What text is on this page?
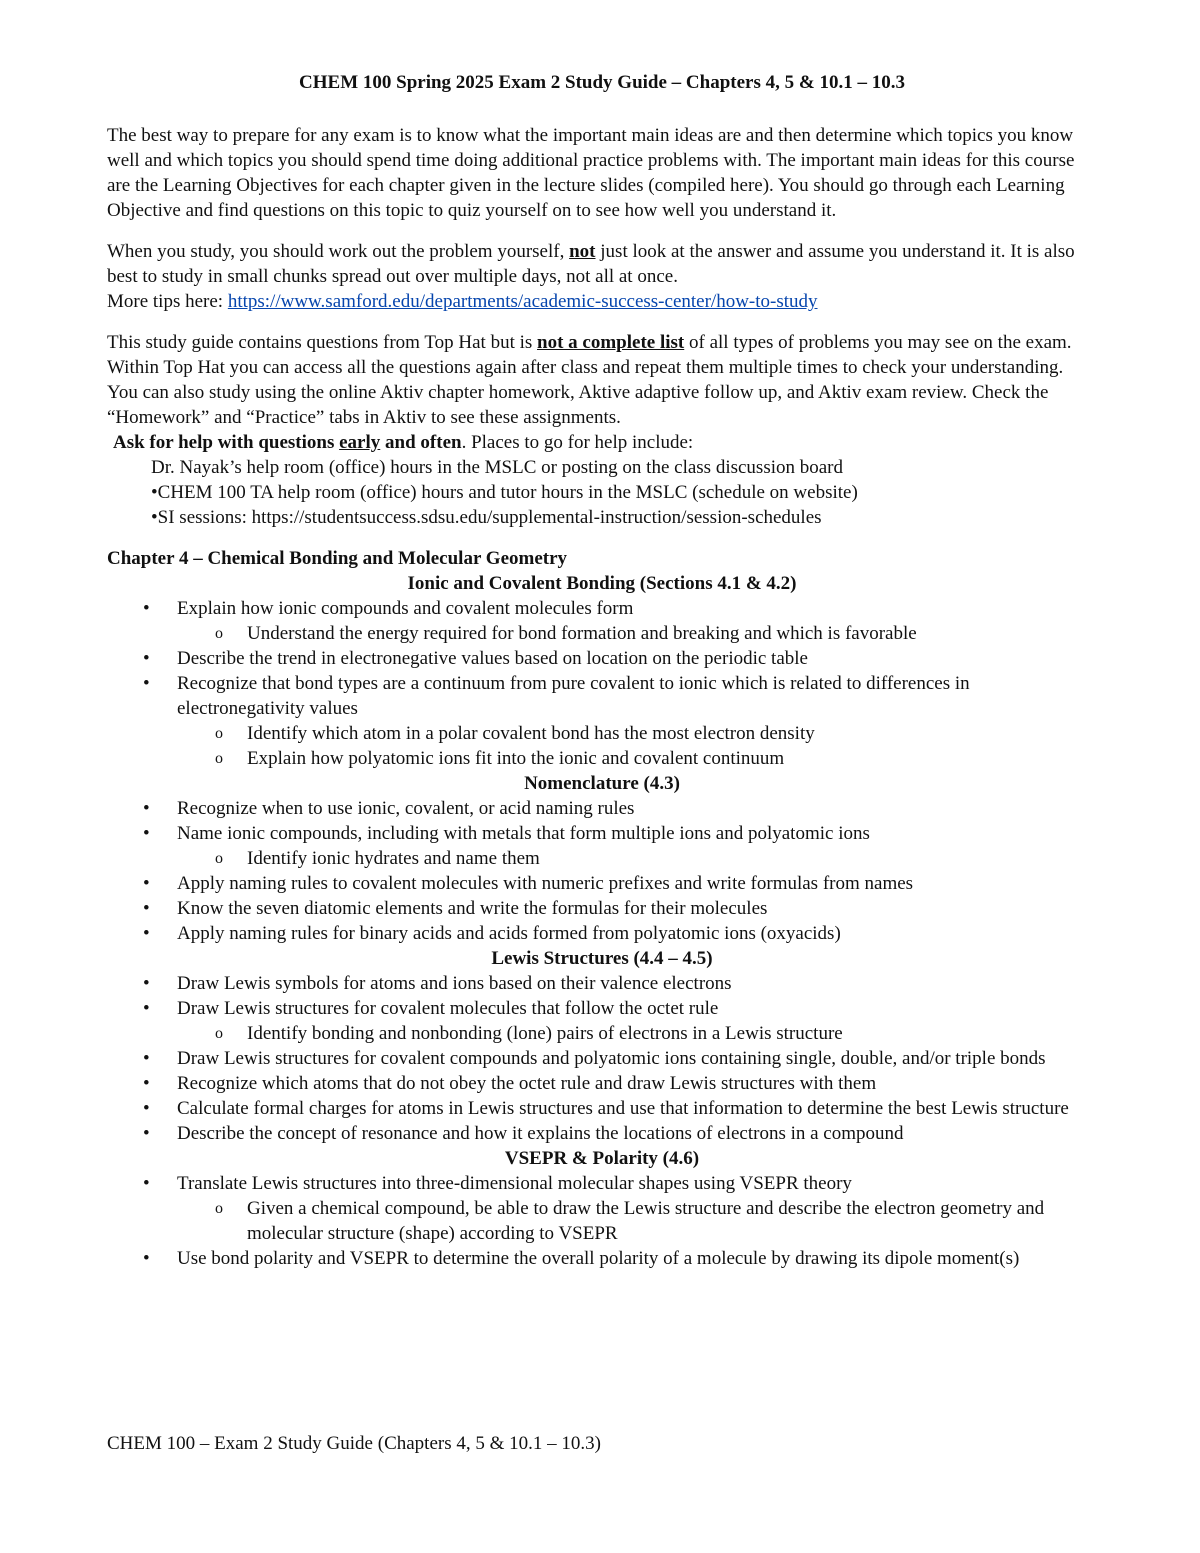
CHEM 100 Spring 2025 Exam 2 Study Guide – Chapters 4, 5 & 10.1 – 10.3

The best way to prepare for any exam is to know what the important main ideas are and then determine which topics you know well and which topics you should spend time doing additional practice problems with. The important main ideas for this course are the Learning Objectives for each chapter given in the lecture slides (compiled here). You should go through each Learning Objective and find questions on this topic to quiz yourself on to see how well you understand it.

When you study, you should work out the problem yourself, not just look at the answer and assume you understand it. It is also best to study in small chunks spread out over multiple days, not all at once.
More tips here: https://www.samford.edu/departments/academic-success-center/how-to-study

This study guide contains questions from Top Hat but is not a complete list of all types of problems you may see on the exam. Within Top Hat you can access all the questions again after class and repeat them multiple times to check your understanding. You can also study using the online Aktiv chapter homework, Aktive adaptive follow up, and Aktiv exam review. Check the “Homework” and “Practice” tabs in Aktiv to see these assignments.

Ask for help with questions early and often. Places to go for help include:
Dr. Nayak’s help room (office) hours in the MSLC or posting on the class discussion board
•CHEM 100 TA help room (office) hours and tutor hours in the MSLC (schedule on website)
•SI sessions: https://studentsuccess.sdsu.edu/supplemental-instruction/session-schedules
Chapter 4 – Chemical Bonding and Molecular Geometry
Ionic and Covalent Bonding (Sections 4.1 & 4.2)
• Explain how ionic compounds and covalent molecules form
o Understand the energy required for bond formation and breaking and which is favorable
• Describe the trend in electronegative values based on location on the periodic table
• Recognize that bond types are a continuum from pure covalent to ionic which is related to differences in electronegativity values
o Identify which atom in a polar covalent bond has the most electron density
o Explain how polyatomic ions fit into the ionic and covalent continuum
Nomenclature (4.3)
• Recognize when to use ionic, covalent, or acid naming rules
• Name ionic compounds, including with metals that form multiple ions and polyatomic ions
o Identify ionic hydrates and name them
• Apply naming rules to covalent molecules with numeric prefixes and write formulas from names
• Know the seven diatomic elements and write the formulas for their molecules
• Apply naming rules for binary acids and acids formed from polyatomic ions (oxyacids)
Lewis Structures (4.4 – 4.5)
• Draw Lewis symbols for atoms and ions based on their valence electrons
• Draw Lewis structures for covalent molecules that follow the octet rule
o Identify bonding and nonbonding (lone) pairs of electrons in a Lewis structure
• Draw Lewis structures for covalent compounds and polyatomic ions containing single, double, and/or triple bonds
• Recognize which atoms that do not obey the octet rule and draw Lewis structures with them
• Calculate formal charges for atoms in Lewis structures and use that information to determine the best Lewis structure
• Describe the concept of resonance and how it explains the locations of electrons in a compound
VSEPR & Polarity (4.6)
• Translate Lewis structures into three-dimensional molecular shapes using VSEPR theory
o Given a chemical compound, be able to draw the Lewis structure and describe the electron geometry and molecular structure (shape) according to VSEPR
• Use bond polarity and VSEPR to determine the overall polarity of a molecule by drawing its dipole moment(s)
CHEM 100 – Exam 2 Study Guide (Chapters 4, 5 & 10.1 – 10.3)
